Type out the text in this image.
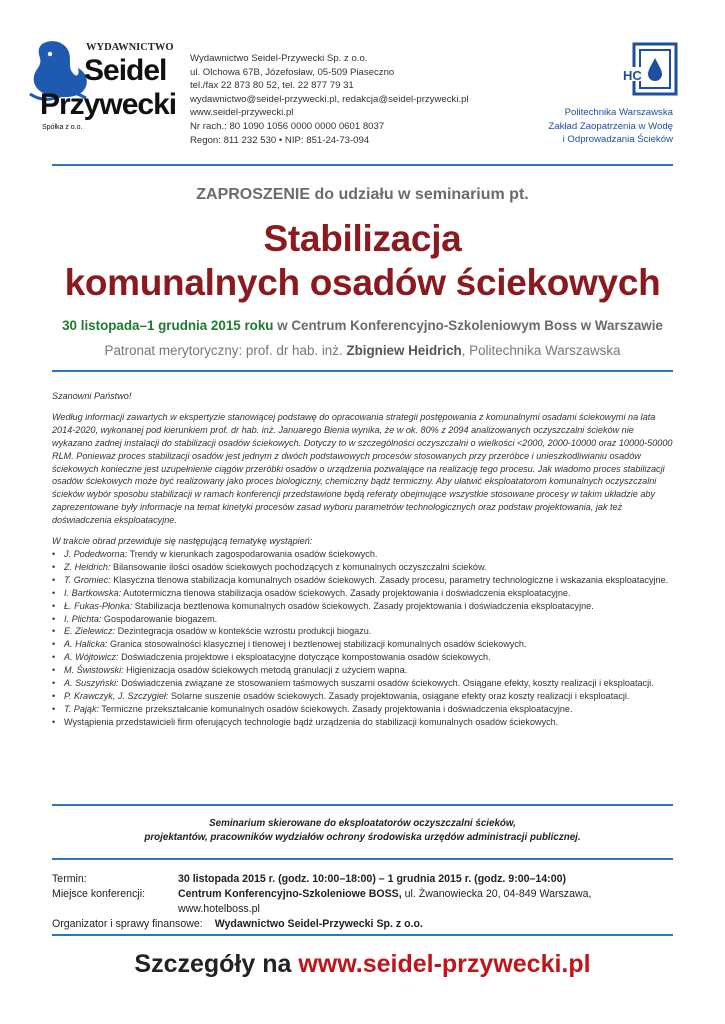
WYDAWNICTWO
Seidel
Przywecki
Spółka z o.o.
Wydawnictwo Seidel-Przywecki Sp. z o.o.
ul. Olchowa 67B, Józefosław, 05-509 Piaseczno
tel./fax 22 873 80 52, tel. 22 877 79 31
wydawnictwo@seidel-przywecki.pl, redakcja@seidel-przywecki.pl
www.seidel-przywecki.pl
Nr rach.: 80 1090 1056 0000 0000 0601 8037
Regon: 811 232 530 • NIP: 851-24-73-094
HC
Politechnika Warszawska
Zakład Zaopatrzenia w Wodę
i Odprowadzania Ścieków
ZAPROSZENIE do udziału w seminarium pt.
Stabilizacja
komunalnych osadów ściekowych
30 listopada–1 grudnia 2015 roku w Centrum Konferencyjno-Szkoleniowym Boss w Warszawie
Patronat merytoryczny: prof. dr hab. inż. Zbigniew Heidrich, Politechnika Warszawska

Szanowni Państwo!

Według informacji zawartych w ekspertyzie stanowiącej podstawę do opracowania strategii postępowania z komunalnymi osadami ściekowymi na lata 2014-2020, wykonanej pod kierunkiem prof. dr hab. inż. Januarego Bienia wynika, że w ok. 80% z 2094 analizowanych oczyszczalni ścieków nie wykazano żadnej instalacji do stabilizacji osadów ściekowych. Dotyczy to w szczególności oczyszczalni o wielkości <2000, 2000-10000 oraz 10000-50000 RLM. Ponieważ proces stabilizacji osadów jest jednym z dwóch podstawowych procesów stosowanych przy przeróbce i unieszkodliwianiu osadów ściekowych konieczne jest uzupełnienie ciągów przeróbki osadów o urządzenia pozwalające na realizację tego procesu. Jak wiadomo proces stabilizacji osadów ściekowych może być realizowany jako proces biologiczny, chemiczny bądź termiczny. Aby ułatwić eksploatatorom komunalnych oczyszczalni ścieków wybór sposobu stabilizacji w ramach konferencji przedstawione będą referaty obejmujące wszystkie stosowane procesy w takim układzie aby zaprezentowane były informacje na temat kinetyki procesów zasad wyboru parametrów technologicznych oraz podstaw projektowania, jak też doświadczenia eksploatacyjne.

W trakcie obrad przewiduje się następującą tematykę wystąpień:

• J. Podedworna: Trendy w kierunkach zagospodarowania osadów ściekowych.
• Z. Heidrich: Bilansowanie ilości osadów ściekowych pochodzących z komunalnych oczyszczalni ścieków.
• T. Gromiec: Klasyczna tlenowa stabilizacja komunalnych osadów ściekowych. Zasady procesu, parametry technologiczne i wskazania eksploatacyjne.
• I. Bartkowska: Autotermiczna tlenowa stabilizacja osadów ściekowych. Zasady projektowania i doświadczenia eksploatacyjne.
• Ł. Fukas-Płonka: Stabilizacja beztlenowa komunalnych osadów ściekowych. Zasady projektowania i doświadczenia eksploatacyjne.
• I. Plichta: Gospodarowanie biogazem.
• E. Zielewicz: Dezintegracja osadów w kontekście wzrostu produkcji biogazu.
• A. Halicka: Granica stosowalności klasycznej i tlenowej i beztlenowej stabilizacji komunalnych osadów ściekowych.
• A. Wójtowicz: Doświadczenia projektowe i eksploatacyjne dotyczące kompostowania osadów ściekowych.
• M. Świstowski: Higienizacja osadów ściekowych metodą granulacji z użyciem wapna.
• A. Suszyński: Doświadczenia związane ze stosowaniem taśmowych suszarni osadów ściekowych. Osiągane efekty, koszty realizacji i eksploatacji.
• P. Krawczyk, J. Szczygieł: Solarne suszenie osadów ściekowych. Zasady projektowania, osiągane efekty oraz koszty realizacji i eksploatacji.
• T. Pająk: Termiczne przekształcanie komunalnych osadów ściekowych. Zasady projektowania i doświadczenia eksploatacyjne.
• Wystąpienia przedstawicieli firm oferujących technologie bądź urządzenia do stabilizacji komunalnych osadów ściekowych.
Seminarium skierowane do eksploatatorów oczyszczalni ścieków,
projektantów, pracowników wydziałów ochrony środowiska urzędów administracji publicznej.
Termin:	30 listopada 2015 r. (godz. 10:00–18:00) – 1 grudnia 2015 r. (godz. 9:00–14:00)
Miejsce konferencji:	Centrum Konferencyjno-Szkoleniowe BOSS, ul. Żwanowiecka 20, 04-849 Warszawa,
www.hotelboss.pl
Organizator i sprawy finansowe: Wydawnictwo Seidel-Przywecki Sp. z o.o.
Szczegóły na www.seidel-przywecki.pl
